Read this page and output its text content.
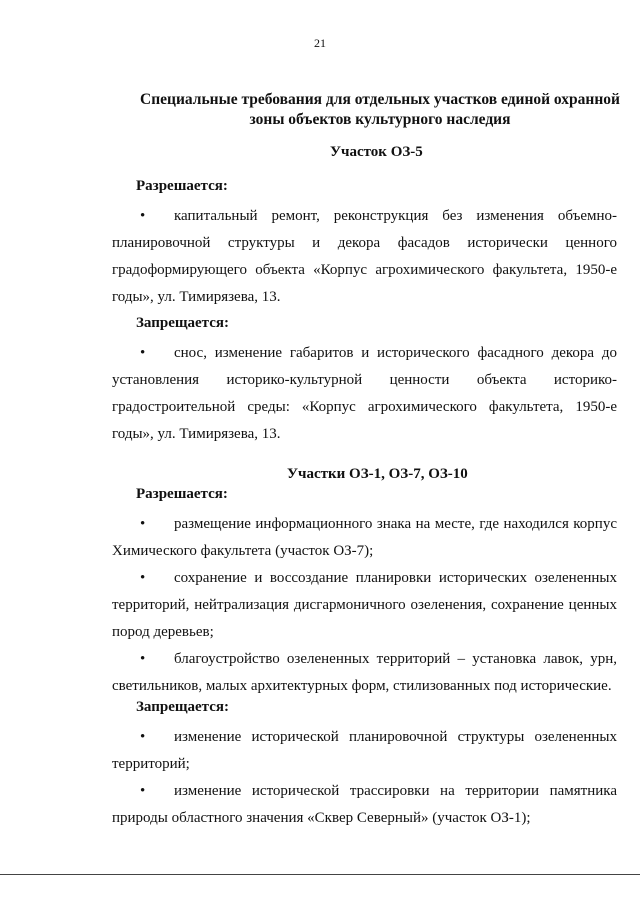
21
Специальные требования для отдельных участков единой охранной
зоны объектов культурного наследия
Участок ОЗ-5
Разрешается:
• капитальный ремонт, реконструкция без изменения объемно-планировочной структуры и декора фасадов исторически ценного градоформирующего объекта «Корпус агрохимического факультета, 1950-е годы», ул. Тимирязева, 13.
Запрещается:
• снос, изменение габаритов и исторического фасадного декора до установления историко-культурной ценности объекта историко-градостроительной среды: «Корпус агрохимического факультета, 1950-е годы», ул. Тимирязева, 13.
Участки ОЗ-1, ОЗ-7, ОЗ-10
Разрешается:
• размещение информационного знака на месте, где находился корпус Химического факультета (участок ОЗ-7);
• сохранение и воссоздание планировки исторических озелененных территорий, нейтрализация дисгармоничного озеленения, сохранение ценных пород деревьев;
• благоустройство озелененных территорий – установка лавок, урн, светильников, малых архитектурных форм, стилизованных под исторические.
Запрещается:
• изменение исторической планировочной структуры озелененных территорий;
• изменение исторической трассировки на территории памятника природы областного значения «Сквер Северный» (участок ОЗ-1);
